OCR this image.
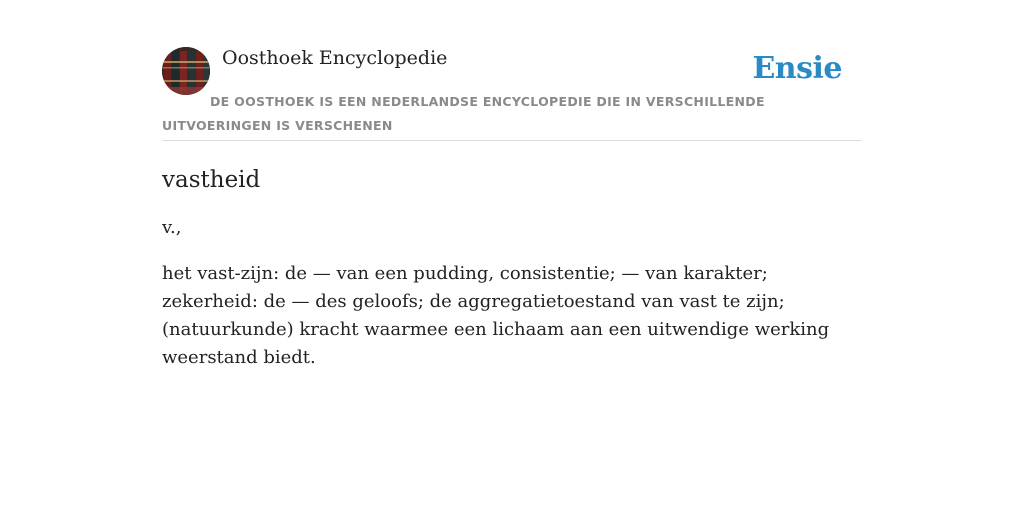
Oosthoek Encyclopedie	Ensie
DE OOSTHOEK IS EEN NEDERLANDSE ENCYCLOPEDIE DIE IN VERSCHILLENDE UITVOERINGEN IS VERSCHENEN
vastheid

v.,

het vast-zijn: de — van een pudding, consistentie; — van karakter; zekerheid: de — des geloofs; de aggregatietoestand van vast te zijn; (natuurkunde) kracht waarmee een lichaam aan een uitwendige werking weerstand biedt.
